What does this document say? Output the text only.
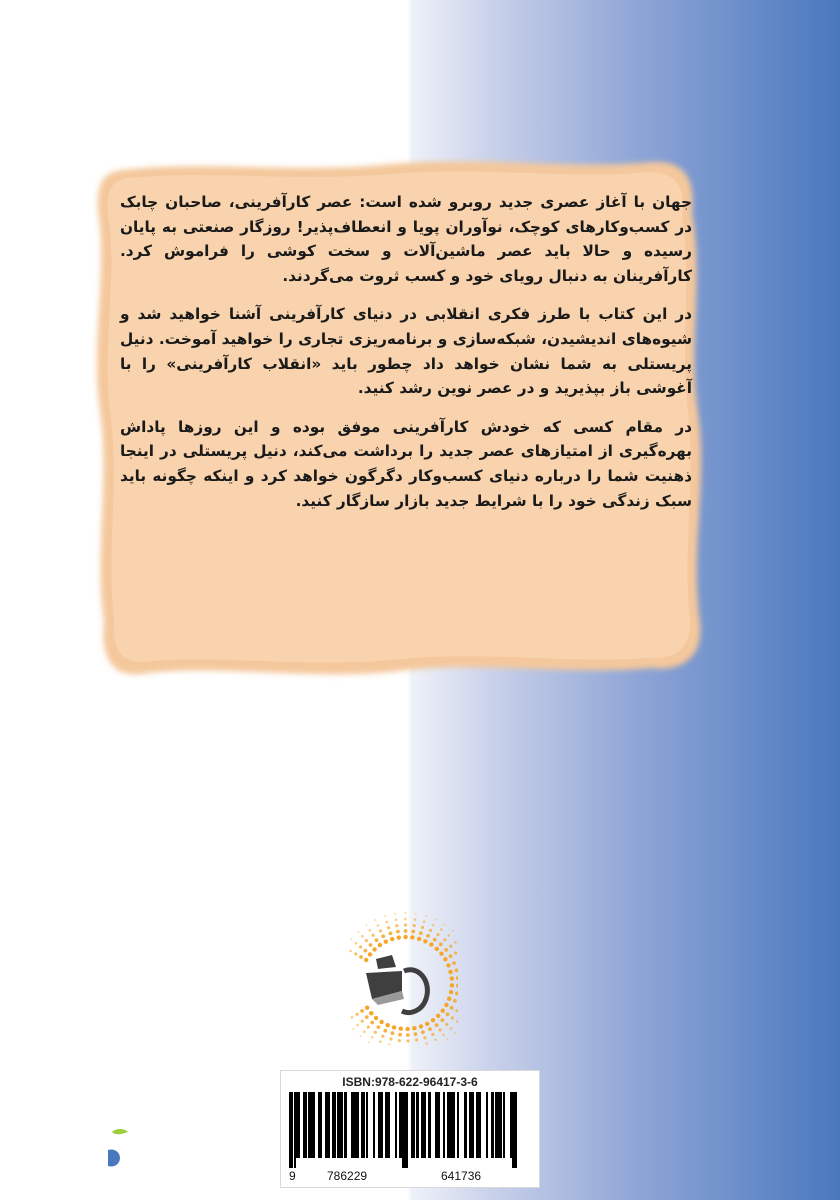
جهان با آغاز عصری جدید روبرو شده است: عصر کارآفرینی، صاحبان چابک در کسب‌وکارهای کوچک، نوآوران پویا و انعطاف‌پذیر! روزگار صنعتی به پایان رسیده و حالا باید عصر ماشین‌آلات و سخت کوشی را فراموش کرد. کارآفرینان به دنبال رویای خود و کسب ثروت می‌گردند.

در این کتاب با طرز فکری انقلابی در دنیای کارآفرینی آشنا خواهید شد و شیوه‌های اندیشیدن، شبکه‌سازی و برنامه‌ریزی تجاری را خواهید آموخت. دنیل پریستلی به شما نشان خواهد داد چطور باید «انقلاب کارآفرینی» را با آغوشی باز بپذیرید و در عصر نوین رشد کنید.

در مقام کسی که خودش کارآفرینی موفق بوده و این روزها پاداش بهره‌گیری از امتیازهای عصر جدید را برداشت می‌کند، دنیل پریستلی در اینجا ذهنیت شما را درباره دنیای کسب‌وکار دگرگون خواهد کرد و اینکه چگونه باید سبک زندگی خود را با شرایط جدید بازار سازگار کنید.

ISBN:978-622-96417-3-6
9	786229	641736
کتابراه
